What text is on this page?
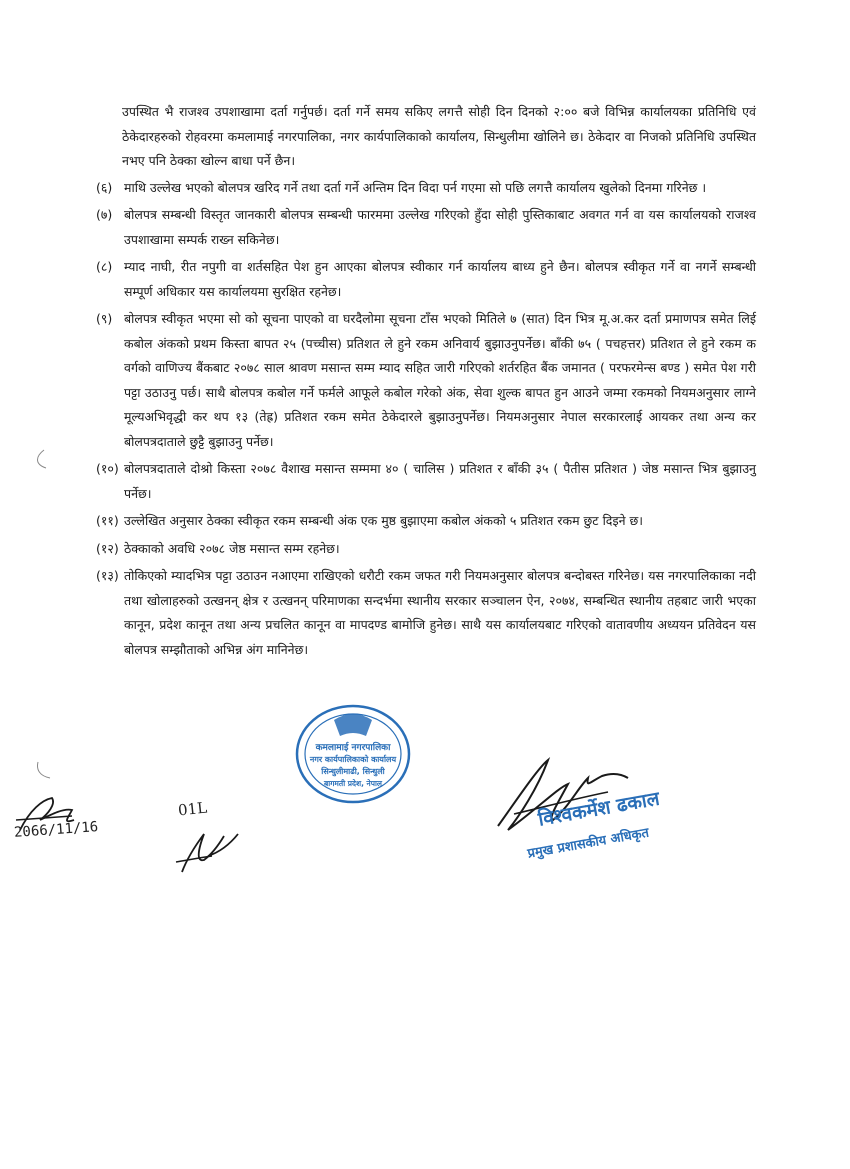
उपस्थित भै राजश्व उपशाखामा दर्ता गर्नुपर्छ। दर्ता गर्ने समय सकिए लगत्तै सोही दिन दिनको २:०० बजे विभिन्न कार्यालयका प्रतिनिधि एवं ठेकेदारहरुको रोहवरमा कमलामाई नगरपालिका, नगर कार्यपालिकाको कार्यालय, सिन्धुलीमा खोलिने छ। ठेकेदार वा निजको प्रतिनिधि उपस्थित नभए पनि ठेक्का खोल्न बाधा पर्ने छैन।

(६) माथि उल्लेख भएको बोलपत्र खरिद गर्ने तथा दर्ता गर्ने अन्तिम दिन विदा पर्न गएमा सो पछि लगत्तै कार्यालय खुलेको दिनमा गरिनेछ ।
(७) बोलपत्र सम्बन्धी विस्तृत जानकारी बोलपत्र सम्बन्धी फारममा उल्लेख गरिएको हुँदा सोही पुस्तिकाबाट अवगत गर्न वा यस कार्यालयको राजश्व उपशाखामा सम्पर्क राख्न सकिनेछ।
(८) म्याद नाघी, रीत नपुगी वा शर्तसहित पेश हुन आएका बोलपत्र स्वीकार गर्न कार्यालय बाध्य हुने छैन। बोलपत्र स्वीकृत गर्ने वा नगर्ने सम्बन्धी सम्पूर्ण अधिकार यस कार्यालयमा सुरक्षित रहनेछ।
(९) बोलपत्र स्वीकृत भएमा सो को सूचना पाएको वा घरदैलोमा सूचना टाँस भएको मितिले ७ (सात) दिन भित्र मू.अ.कर दर्ता प्रमाणपत्र समेत लिई कबोल अंकको प्रथम किस्ता बापत २५ (पच्चीस) प्रतिशत ले हुने रकम अनिवार्य बुझाउनुपर्नेछ। बाँकी ७५ ( पचहत्तर) प्रतिशत ले हुने रकम क वर्गको वाणिज्य बैंकबाट २०७८ साल श्रावण मसान्त सम्म म्याद सहित जारी गरिएको शर्तरहित बैंक जमानत ( परफरमेन्स बण्ड ) समेत पेश गरी पट्टा उठाउनु पर्छ। साथै बोलपत्र कबोल गर्ने फर्मले आफूले कबोल गरेको अंक, सेवा शुल्क बापत हुन आउने जम्मा रकमको नियमअनुसार लाग्ने मूल्यअभिवृद्धी कर थप १३ (तेह्र) प्रतिशत रकम समेत ठेकेदारले बुझाउनुपर्नेछ। नियमअनुसार नेपाल सरकारलाई आयकर तथा अन्य कर बोलपत्रदाताले छुट्टै बुझाउनु पर्नेछ।
(१०) बोलपत्रदाताले दोश्रो किस्ता २०७८ वैशाख मसान्त सम्ममा ४० ( चालिस ) प्रतिशत र बाँकी ३५ ( पैतीस प्रतिशत ) जेष्ठ मसान्त भित्र बुझाउनु पर्नेछ।
(११) उल्लेखित अनुसार ठेक्का स्वीकृत रकम सम्बन्धी अंक एक मुष्ठ बुझाएमा कबोल अंकको ५ प्रतिशत रकम छुट दिइने छ।
(१२) ठेक्काको अवधि २०७८ जेष्ठ मसान्त सम्म रहनेछ।
(१३) तोकिएको म्यादभित्र पट्टा उठाउन नआएमा राखिएको धरौटी रकम जफत गरी नियमअनुसार बोलपत्र बन्दोबस्त गरिनेछ। यस नगरपालिकाका नदी तथा खोलाहरुको उत्खनन् क्षेत्र र उत्खनन् परिमाणका सन्दर्भमा स्थानीय सरकार सञ्चालन ऐन, २०७४, सम्बन्धित स्थानीय तहबाट जारी भएका कानून, प्रदेश कानून तथा अन्य प्रचलित कानून वा मापदण्ड बामोजि हुनेछ। साथै यस कार्यालयबाट गरिएको वातावणीय अध्ययन प्रतिवेदन यस बोलपत्र सम्झौताको अभिन्न अंग मानिनेछ।
कमलामाई नगरपालिका
नगर कार्यपालिकाको कार्यालय
सिन्धुलीमाढी, सिन्धुली
बागमती प्रदेश, नेपाल
विश्वकर्मेश ढकाल
प्रमुख प्रशासकीय अधिकृत
2066/11/16
01L
